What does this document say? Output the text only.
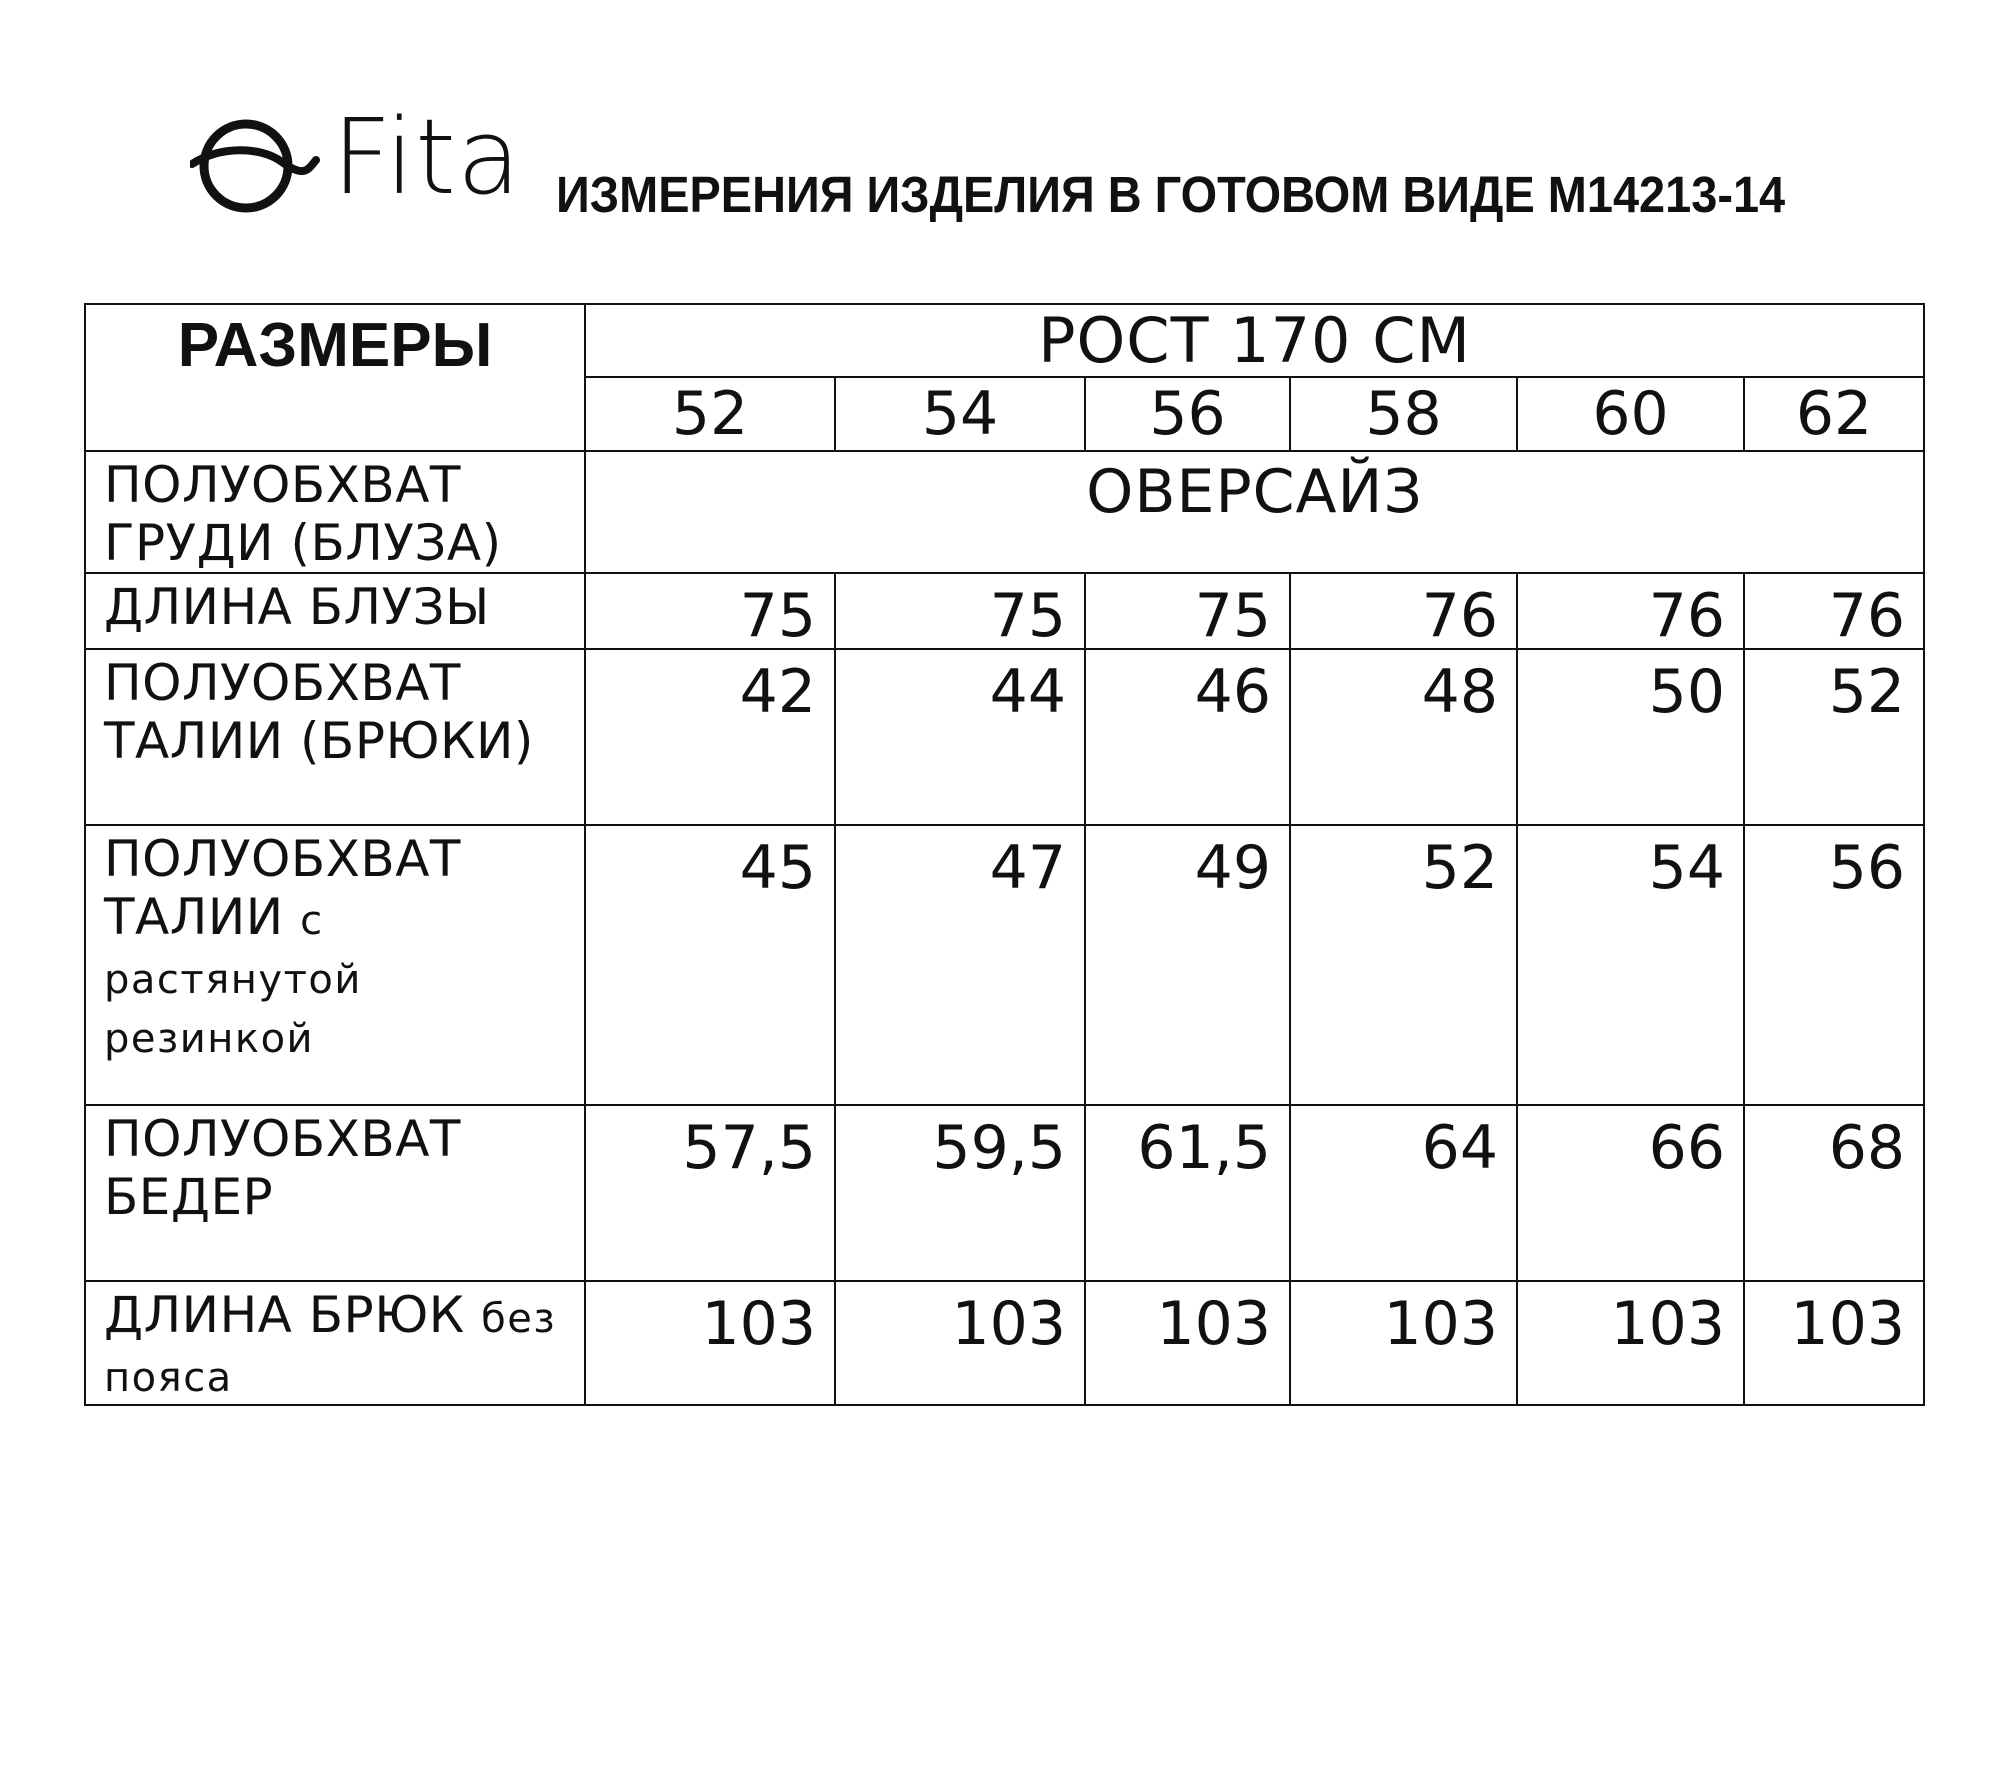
Fita ИЗМЕРЕНИЯ ИЗДЕЛИЯ В ГОТОВОМ ВИДЕ М14213-14
РАЗМЕРЫ	РОСТ 170 СМ					
	52	54	56	58	60	62
ПОЛУОБХВАТ ГРУДИ (БЛУЗА)	ОВЕРСАЙЗ					
ДЛИНА БЛУЗЫ	75	75	75	76	76	76
ПОЛУОБХВАТ ТАЛИИ (БРЮКИ)	42	44	46	48	50	52
ПОЛУОБХВАТ ТАЛИИ с растянутой резинкой	45	47	49	52	54	56
ПОЛУОБХВАТ БЕДЕР	57,5	59,5	61,5	64	66	68
ДЛИНА БРЮК без пояса	103	103	103	103	103	103
